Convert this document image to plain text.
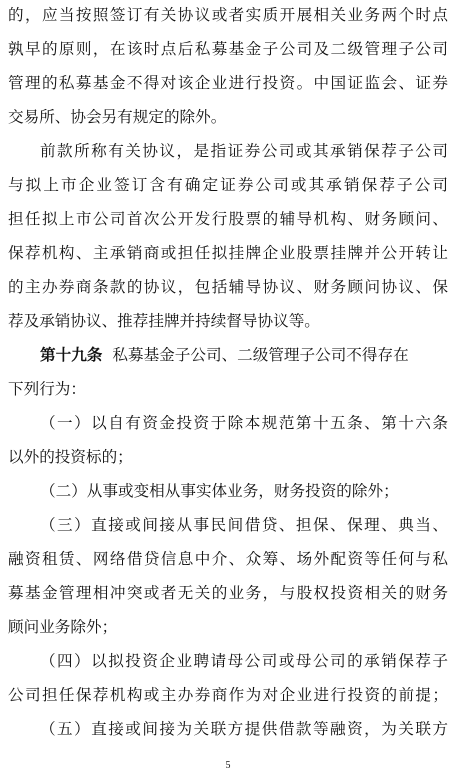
的，应当按照签订有关协议或者实质开展相关业务两个时点
孰早的原则，在该时点后私募基金子公司及二级管理子公司
管理的私募基金不得对该企业进行投资。中国证监会、证券
交易所、协会另有规定的除外。
前款所称有关协议，是指证券公司或其承销保荐子公司
与拟上市企业签订含有确定证券公司或其承销保荐子公司
担任拟上市公司首次公开发行股票的辅导机构、财务顾问、
保荐机构、主承销商或担任拟挂牌企业股票挂牌并公开转让
的主办券商条款的协议，包括辅导协议、财务顾问协议、保
荐及承销协议、推荐挂牌并持续督导协议等。
第十九条 私募基金子公司、二级管理子公司不得存在
下列行为：
（一）以自有资金投资于除本规范第十五条、第十六条
以外的投资标的；
（二）从事或变相从事实体业务，财务投资的除外；
（三）直接或间接从事民间借贷、担保、保理、典当、
融资租赁、网络借贷信息中介、众筹、场外配资等任何与私
募基金管理相冲突或者无关的业务，与股权投资相关的财务
顾问业务除外；
（四）以拟投资企业聘请母公司或母公司的承销保荐子
公司担任保荐机构或主办券商作为对企业进行投资的前提；
（五）直接或间接为关联方提供借款等融资，为关联方
5
